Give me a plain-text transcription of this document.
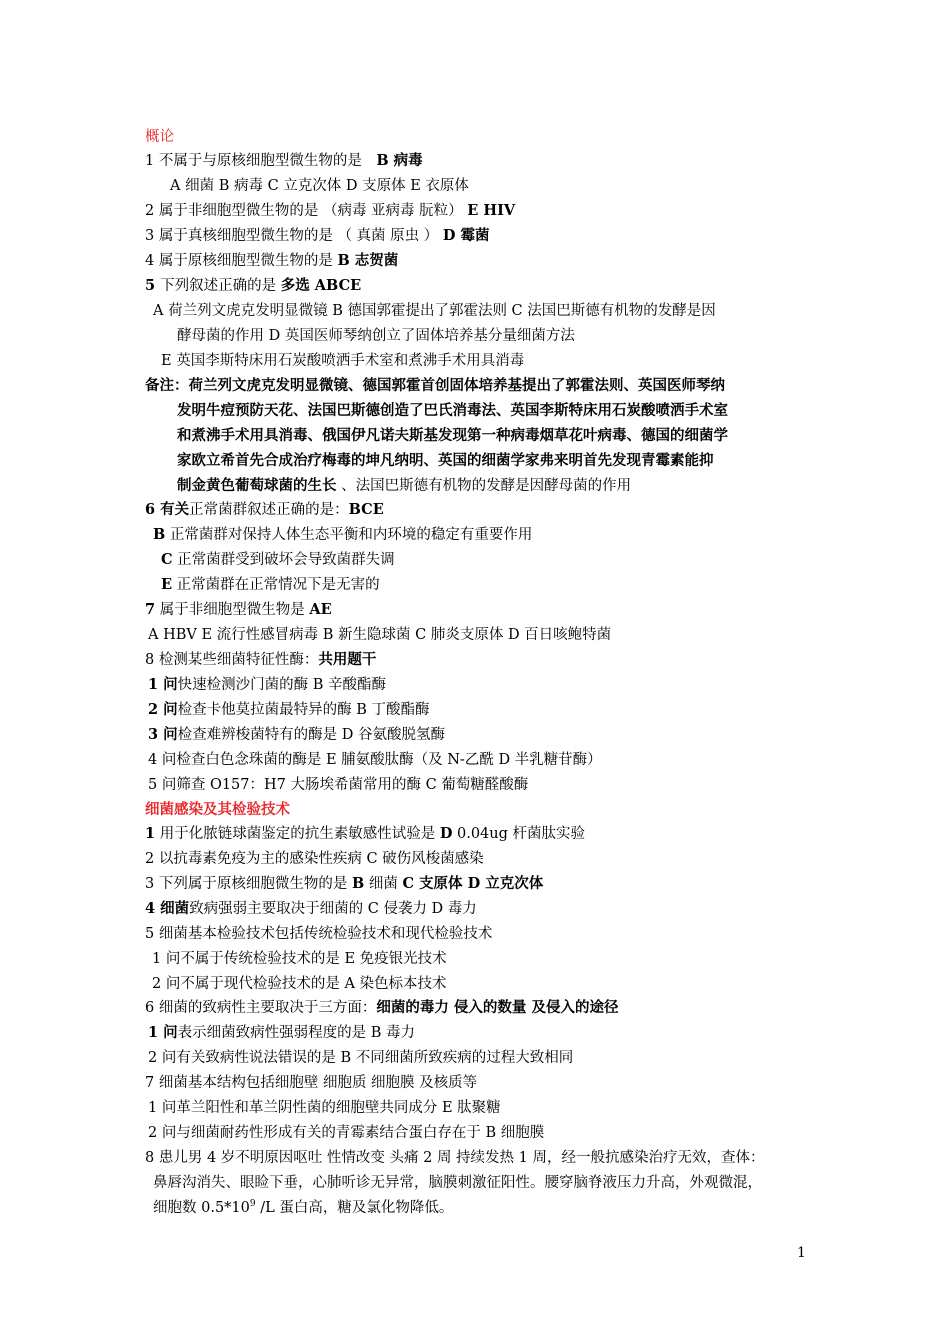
概论
1 不属于与原核细胞型微生物的是　B 病毒
A 细菌 B 病毒 C 立克次体 D 支原体 E 衣原体
2 属于非细胞型微生物的是 （病毒 亚病毒 朊粒） E HIV
3 属于真核细胞型微生物的是 （ 真菌 原虫 ） D 霉菌
4 属于原核细胞型微生物的是 B 志贺菌
5 下列叙述正确的是 多选 ABCE
A 荷兰列文虎克发明显微镜 B 德国郭霍提出了郭霍法则 C 法国巴斯德有机物的发酵是因
酵母菌的作用 D 英国医师琴纳创立了固体培养基分量细菌方法
E 英国李斯特床用石炭酸喷洒手术室和煮沸手术用具消毒
备注：荷兰列文虎克发明显微镜、德国郭霍首创固体培养基提出了郭霍法则、英国医师琴纳
发明牛痘预防天花、法国巴斯德创造了巴氏消毒法、英国李斯特床用石炭酸喷洒手术室
和煮沸手术用具消毒、俄国伊凡诺夫斯基发现第一种病毒烟草花叶病毒、德国的细菌学
家欧立希首先合成治疗梅毒的坤凡纳明、英国的细菌学家弗来明首先发现青霉素能抑
制金黄色葡萄球菌的生长 、法国巴斯德有机物的发酵是因酵母菌的作用
6 有关正常菌群叙述正确的是：BCE
B 正常菌群对保持人体生态平衡和内环境的稳定有重要作用
C 正常菌群受到破坏会导致菌群失调
E 正常菌群在正常情况下是无害的
7 属于非细胞型微生物是 AE
A HBV E 流行性感冒病毒 B 新生隐球菌 C 肺炎支原体 D 百日咳鲍特菌
8 检测某些细菌特征性酶：共用题干
1 问快速检测沙门菌的酶 B 辛酸酯酶
2 问检查卡他莫拉菌最特异的酶 B 丁酸酯酶
3 问检查难辨梭菌特有的酶是 D 谷氨酸脱氢酶
4 问检查白色念珠菌的酶是 E 脯氨酸肽酶（及 N-乙酰 D 半乳糖苷酶）
5 问筛查 O157：H7 大肠埃希菌常用的酶 C 葡萄糖醛酸酶
细菌感染及其检验技术
1 用于化脓链球菌鉴定的抗生素敏感性试验是 D 0.04ug 杆菌肽实验
2 以抗毒素免疫为主的感染性疾病 C 破伤风梭菌感染
3 下列属于原核细胞微生物的是 B 细菌 C 支原体 D 立克次体
4 细菌致病强弱主要取决于细菌的 C 侵袭力 D 毒力
5 细菌基本检验技术包括传统检验技术和现代检验技术
1 问不属于传统检验技术的是 E 免疫银光技术
2 问不属于现代检验技术的是 A 染色标本技术
6 细菌的致病性主要取决于三方面：细菌的毒力 侵入的数量 及侵入的途径
1 问表示细菌致病性强弱程度的是 B 毒力
2 问有关致病性说法错误的是 B 不同细菌所致疾病的过程大致相同
7 细菌基本结构包括细胞壁 细胞质 细胞膜 及核质等
1 问革兰阳性和革兰阴性菌的细胞壁共同成分 E 肽聚糖
2 问与细菌耐药性形成有关的青霉素结合蛋白存在于 B 细胞膜
8 患儿男 4 岁不明原因呕吐 性情改变 头痛 2 周 持续发热 1 周，经一般抗感染治疗无效，查体：
鼻唇沟消失、眼睑下垂，心肺听诊无异常，脑膜刺激征阳性。腰穿脑脊液压力升高，外观微混，
细胞数 $0.5*10^9$ /L 蛋白高，糖及氯化物降低。
1
